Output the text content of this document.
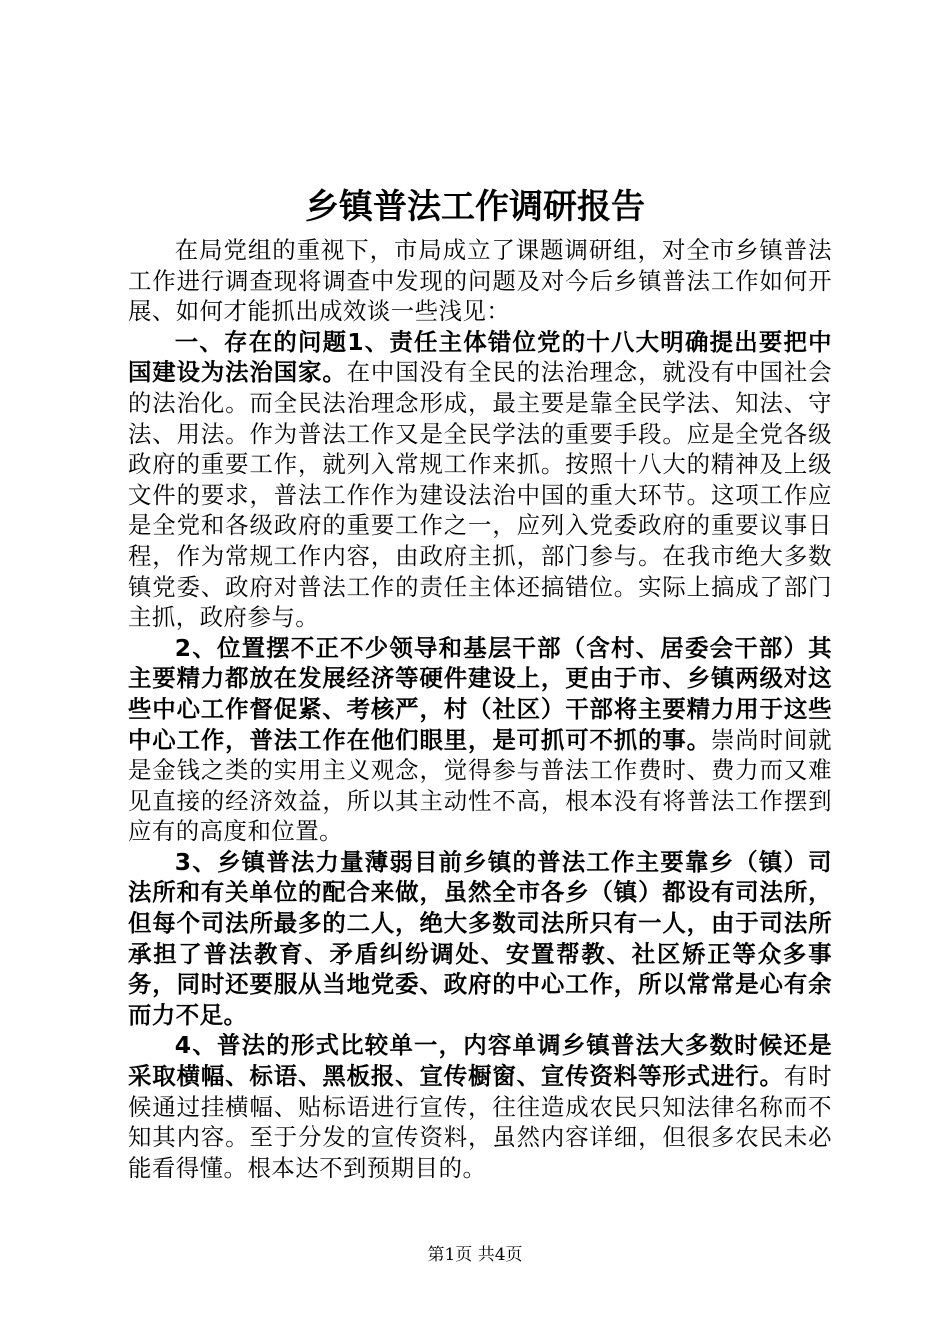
乡镇普法工作调研报告

在局党组的重视下，市局成立了课题调研组，对全市乡镇普法工作进行调查现将调查中发现的问题及对今后乡镇普法工作如何开展、如何才能抓出成效谈一些浅见：

一、存在的问题1、责任主体错位党的十八大明确提出要把中国建设为法治国家。在中国没有全民的法治理念，就没有中国社会的法治化。而全民法治理念形成，最主要是靠全民学法、知法、守法、用法。作为普法工作又是全民学法的重要手段。应是全党各级政府的重要工作，就列入常规工作来抓。按照十八大的精神及上级文件的要求，普法工作作为建设法治中国的重大环节。这项工作应是全党和各级政府的重要工作之一，应列入党委政府的重要议事日程，作为常规工作内容，由政府主抓，部门参与。在我市绝大多数镇党委、政府对普法工作的责任主体还搞错位。实际上搞成了部门主抓，政府参与。

2、位置摆不正不少领导和基层干部（含村、居委会干部）其主要精力都放在发展经济等硬件建设上，更由于市、乡镇两级对这些中心工作督促紧、考核严，村（社区）干部将主要精力用于这些中心工作，普法工作在他们眼里，是可抓可不抓的事。崇尚时间就是金钱之类的实用主义观念，觉得参与普法工作费时、费力而又难见直接的经济效益，所以其主动性不高，根本没有将普法工作摆到应有的高度和位置。

3、乡镇普法力量薄弱目前乡镇的普法工作主要靠乡（镇）司法所和有关单位的配合来做，虽然全市各乡（镇）都设有司法所，但每个司法所最多的二人，绝大多数司法所只有一人，由于司法所承担了普法教育、矛盾纠纷调处、安置帮教、社区矫正等众多事务，同时还要服从当地党委、政府的中心工作，所以常常是心有余而力不足。

4、普法的形式比较单一，内容单调乡镇普法大多数时候还是采取横幅、标语、黑板报、宣传橱窗、宣传资料等形式进行。有时候通过挂横幅、贴标语进行宣传，往往造成农民只知法律名称而不知其内容。至于分发的宣传资料，虽然内容详细，但很多农民未必能看得懂。根本达不到预期目的。

第1页 共4页
